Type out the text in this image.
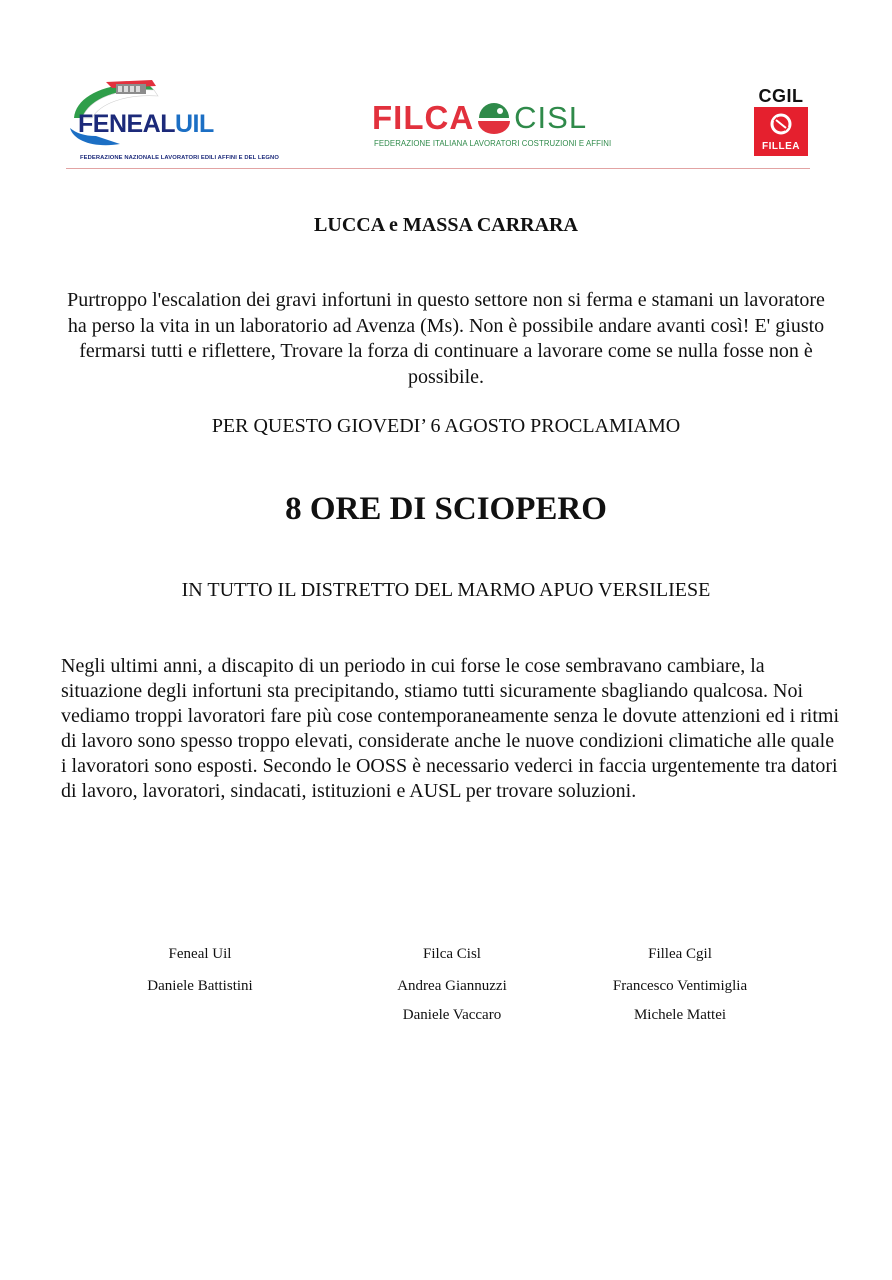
FENEALUIL
FEDERAZIONE NAZIONALE LAVORATORI EDILI AFFINI E DEL LEGNO
FILCA CISL
FEDERAZIONE ITALIANA LAVORATORI COSTRUZIONI E AFFINI
CGIL
FILLEA
LUCCA e MASSA CARRARA
Purtroppo l'escalation dei gravi infortuni in questo settore non si ferma e stamani un lavoratore ha perso la vita in un laboratorio ad Avenza (Ms). Non è possibile andare avanti così! E' giusto fermarsi tutti e riflettere, Trovare la forza di continuare a lavorare come se nulla fosse non è possibile.
PER QUESTO GIOVEDI’ 6 AGOSTO PROCLAMIAMO
8 ORE DI SCIOPERO
IN TUTTO IL DISTRETTO DEL MARMO APUO VERSILIESE
Negli ultimi anni, a discapito di un periodo in cui forse le cose sembravano cambiare, la situazione degli infortuni sta precipitando, stiamo tutti sicuramente sbagliando qualcosa. Noi vediamo troppi lavoratori fare più cose contemporaneamente senza le dovute attenzioni ed i ritmi di lavoro sono spesso troppo elevati, considerate anche le nuove condizioni climatiche alle quale i lavoratori sono esposti. Secondo le OOSS è necessario vederci in faccia urgentemente tra datori di lavoro, lavoratori, sindacati, istituzioni e AUSL per trovare soluzioni.
Feneal Uil
Daniele Battistini
Filca Cisl
Andrea Giannuzzi
Daniele Vaccaro
Fillea Cgil
Francesco Ventimiglia
Michele Mattei
